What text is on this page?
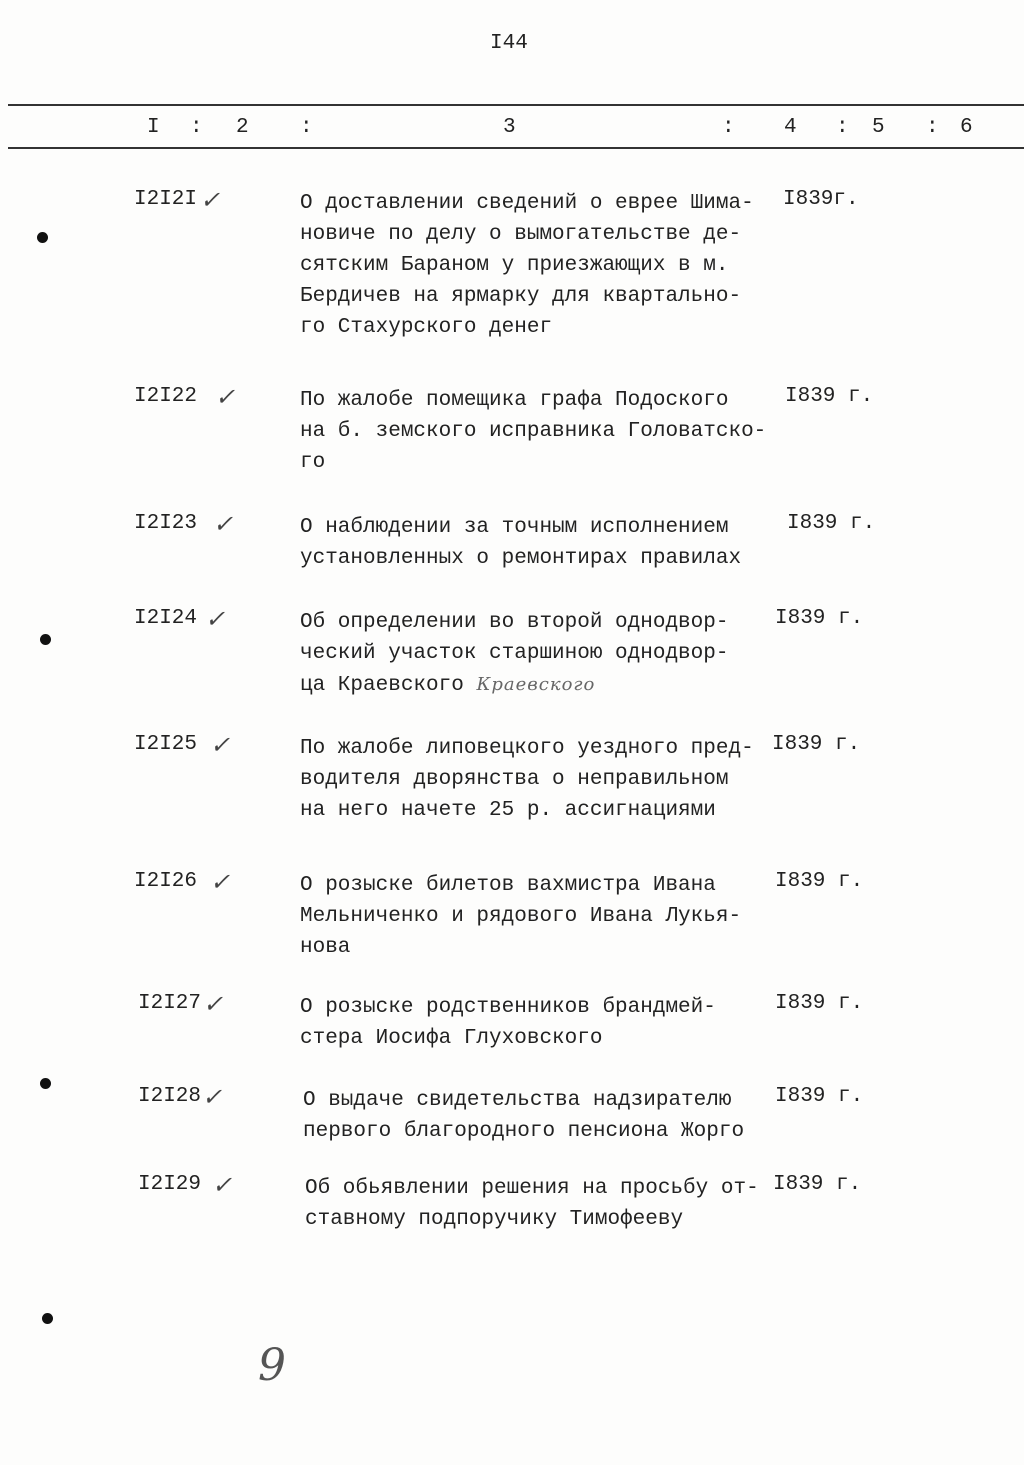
I44
I : 2 :	3	: 4 : 5 : 6
I2I2I ✓	О доставлении сведений о еврее Шима-
новиче по делу о вымогательстве де-
сятским Бараном у приезжающих в м.
Бердичев на ярмарку для квартально-
го Стахурского денег
I839г.
I2I22 ✓	По жалобе помещика графа Подоского
на б. земского исправника Головатско-
го
I839 г.
I2I23 ✓	О наблюдении за точным исполнением
установленных о ремонтирах правилах
I839 г.
I2I24 ✓	Об определении во второй однодвор-
ческий участок старшиною однодвор-
ца Краевского Краевского
I839 г.
I2I25 ✓	По жалобе липовецкого уездного пред-
водителя дворянства о неправильном
на него начете 25 р. ассигнациями
I839 г.
I2I26 ✓	О розыске билетов вахмистра Ивана
Мельниченко и рядового Ивана Лукья-
нова
I839 г.
I2I27 ✓	О розыске родственников брандмей-
стера Иосифа Глуховского
I839 г.
I2I28 ✓	О выдаче свидетельства надзирателю
первого благородного пенсиона Жорго
I839 г.
I2I29 ✓	Об обьявлении решения на просьбу от-
ставному подпоручику Тимофееву
I839 г.
9
